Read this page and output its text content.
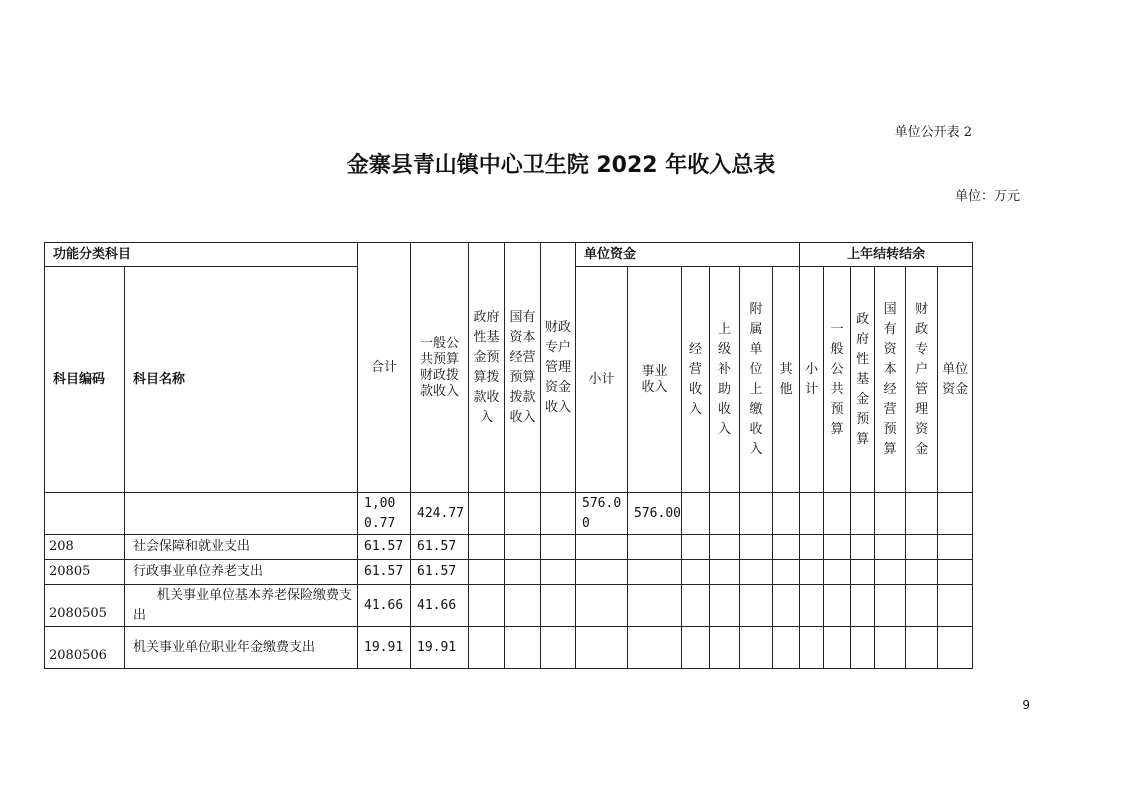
单位公开表 2
金寨县青山镇中心卫生院 2022 年收入总表
单位：万元
功能分类科目		合计	一般公共预算财政拨款收入	政府性基金预算拨款收入	国有资本经营预算拨款收入	财政专户管理资金收入	单位资金						上年结转结余					
科目编码	科目名称						小计	事业收入	经营收入	上级补助收入	附属单位上缴收入	其他	小计	一般公共预算	政府性基金预算	国有资本经营预算	财政专户管理资金	单位资金
		1,000.77	424.77				576.00	576.00										
208	社会保障和就业支出	61.57	61.57															
20805	行政事业单位养老支出	61.57	61.57															
2080505	机关事业单位基本养老保险缴费支出	41.66	41.66															
2080506	机关事业单位职业年金缴费支出	19.91	19.91															
9
